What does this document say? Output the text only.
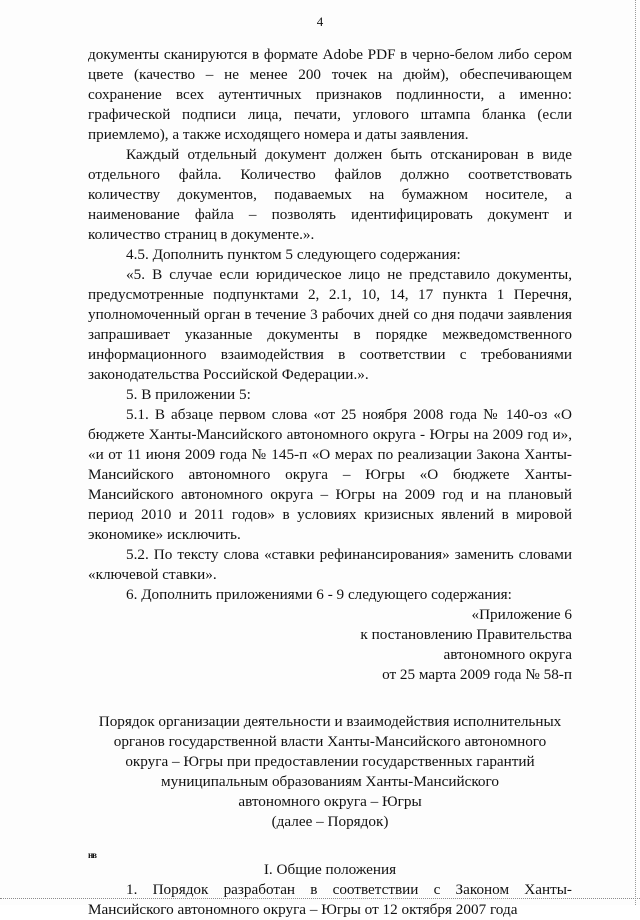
4

документы сканируются в формате Adobe PDF в черно-белом либо сером цвете (качество – не менее 200 точек на дюйм), обеспечивающем сохранение всех аутентичных признаков подлинности, а именно: графической подписи лица, печати, углового штампа бланка (если приемлемо), а также исходящего номера и даты заявления.

Каждый отдельный документ должен быть отсканирован в виде отдельного файла. Количество файлов должно соответствовать количеству документов, подаваемых на бумажном носителе, а наименование файла – позволять идентифицировать документ и количество страниц в документе.».

4.5. Дополнить пунктом 5 следующего содержания:

«5. В случае если юридическое лицо не представило документы, предусмотренные подпунктами 2, 2.1, 10, 14, 17 пункта 1 Перечня, уполномоченный орган в течение 3 рабочих дней со дня подачи заявления запрашивает указанные документы в порядке межведомственного информационного взаимодействия в соответствии с требованиями законодательства Российской Федерации.».

5. В приложении 5:

5.1. В абзаце первом слова «от 25 ноября 2008 года № 140-оз «О бюджете Ханты-Мансийского автономного округа - Югры на 2009 год и», «и от 11 июня 2009 года № 145-п «О мерах по реализации Закона Ханты-Мансийского автономного округа – Югры «О бюджете Ханты-Мансийского автономного округа – Югры на 2009 год и на плановый период 2010 и 2011 годов» в условиях кризисных явлений в мировой экономике» исключить.

5.2. По тексту слова «ставки рефинансирования» заменить словами «ключевой ставки».

6. Дополнить приложениями 6 - 9 следующего содержания:

«Приложение 6
к постановлению Правительства
автономного округа
от 25 марта 2009 года № 58-п
Порядок организации деятельности и взаимодействия исполнительных
органов государственной власти Ханты-Мансийского автономного
округа – Югры при предоставлении государственных гарантий
муниципальным образованиям Ханты-Мансийского
автономного округа – Югры
(далее – Порядок)
I. Общие положения

1. Порядок разработан в соответствии с Законом Ханты-Мансийского автономного округа – Югры от 12 октября 2007 года

нв
